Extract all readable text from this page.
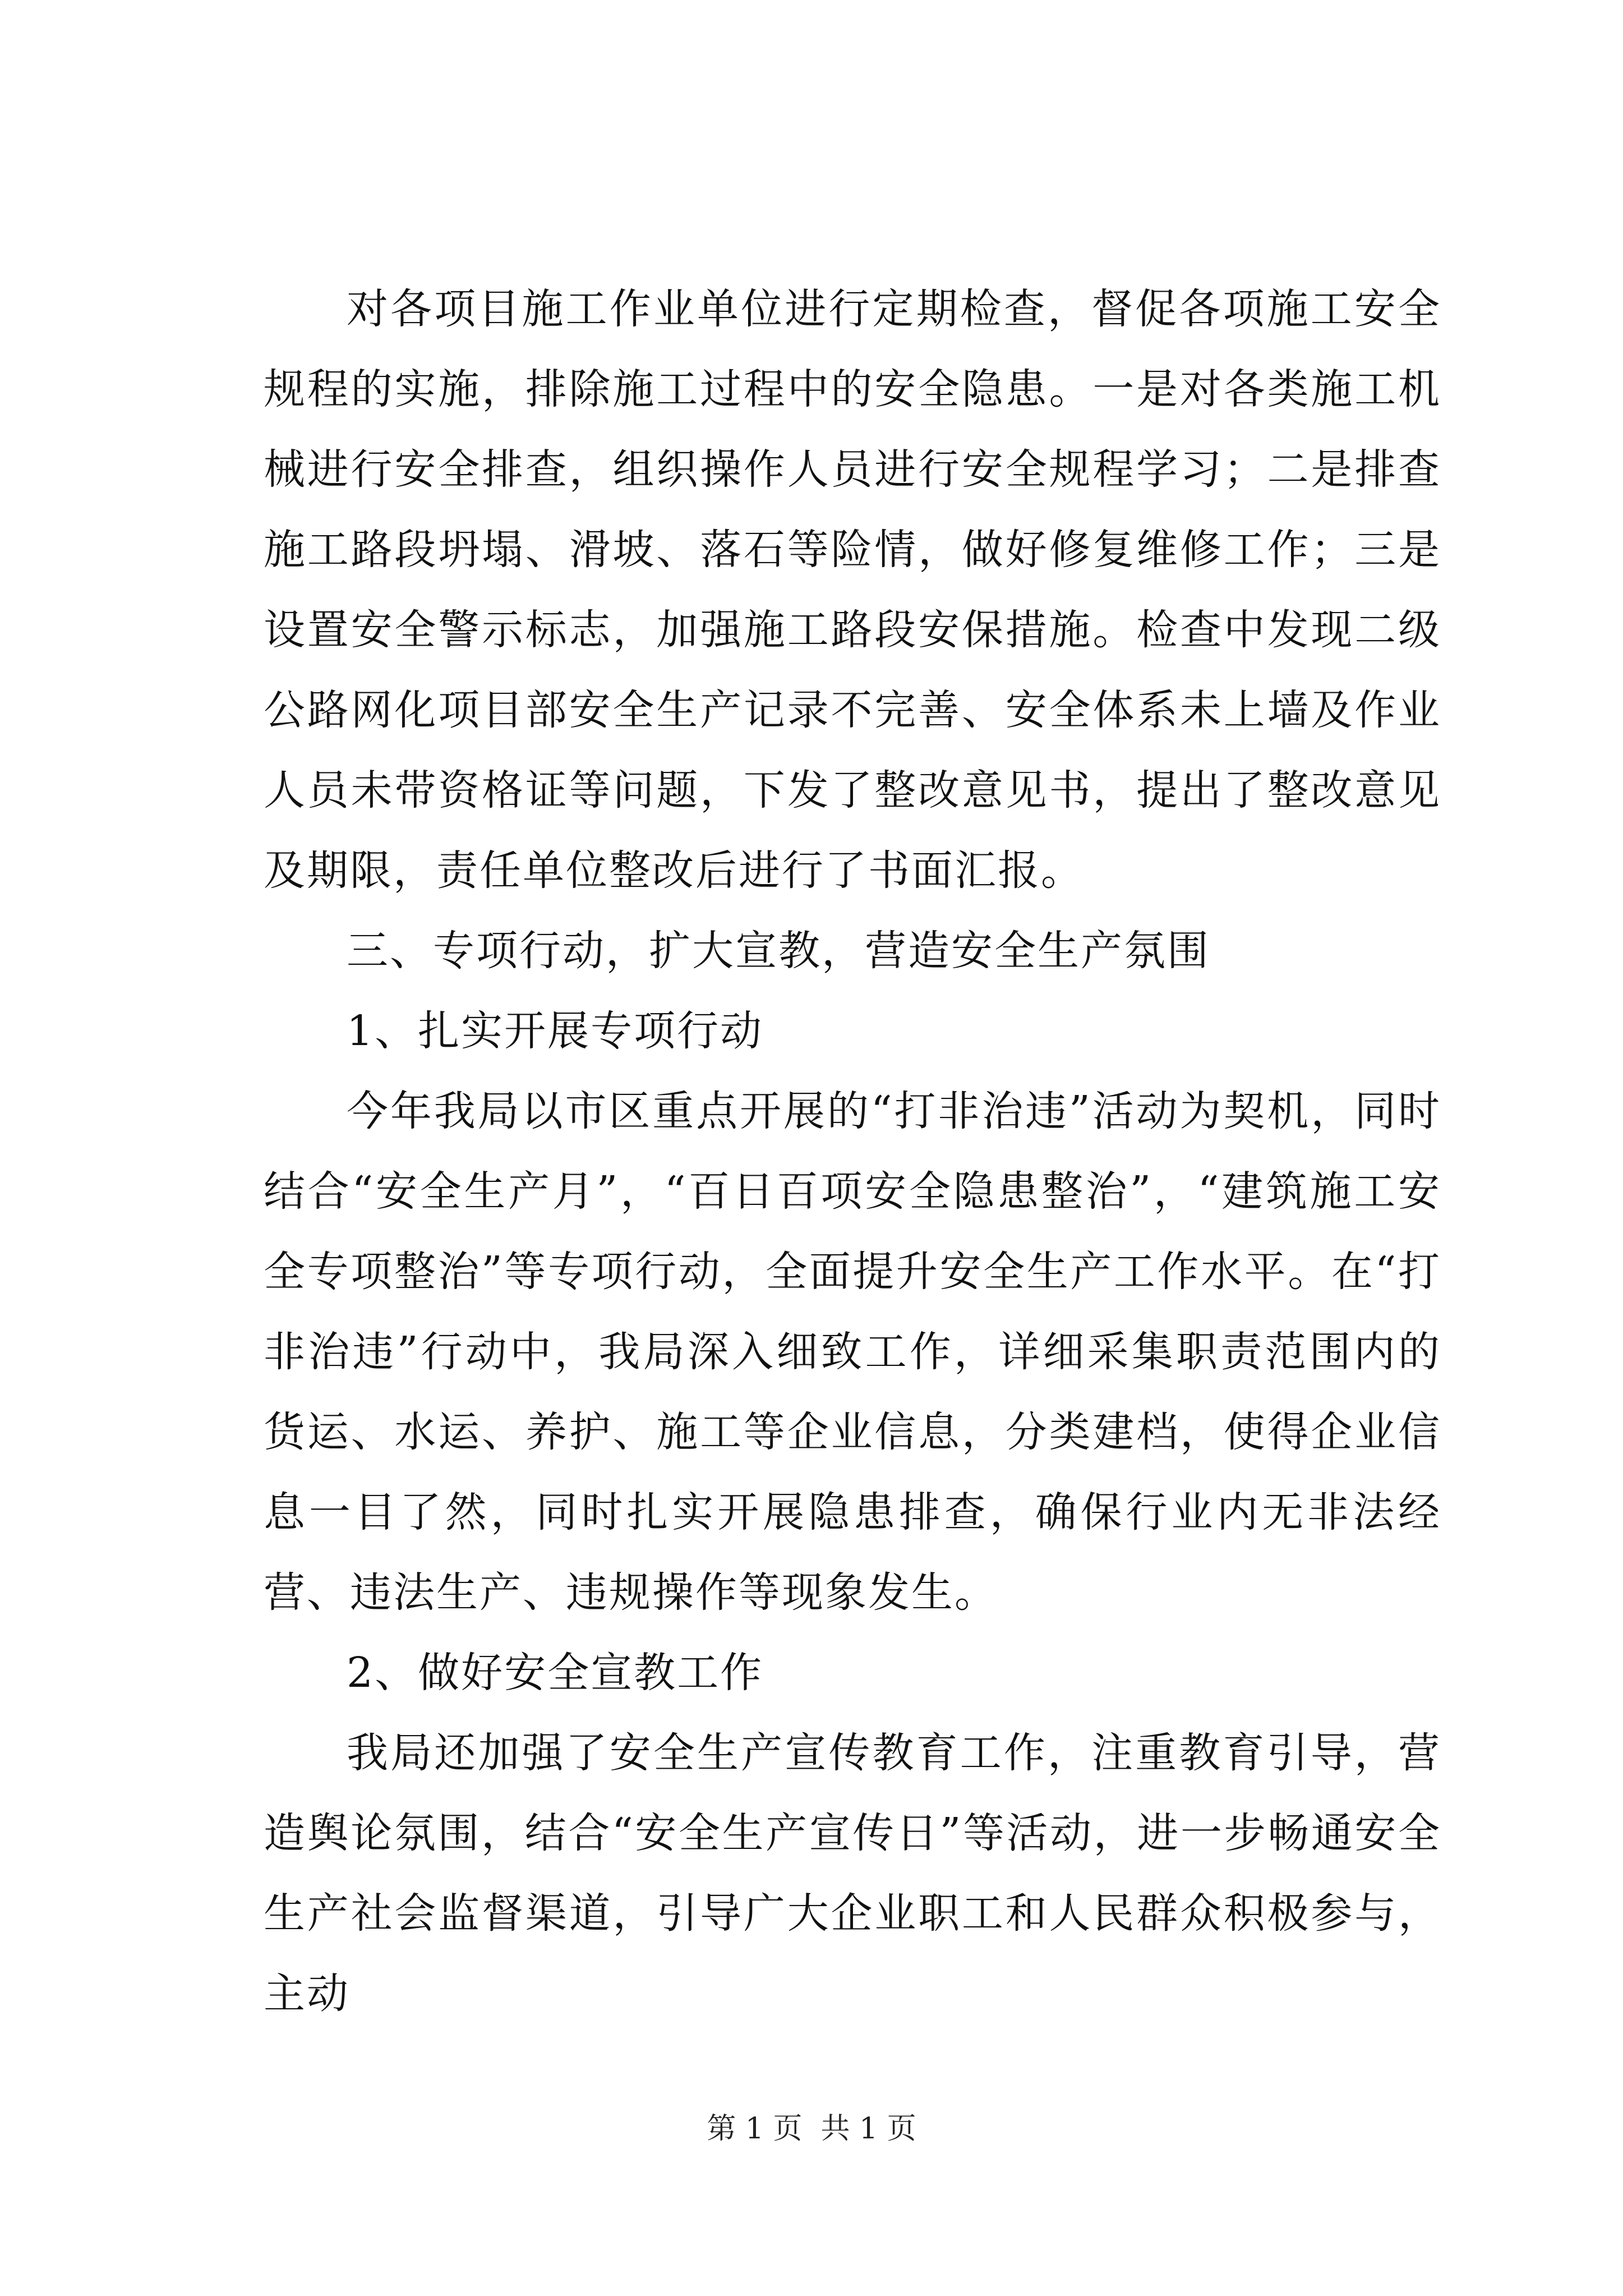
对各项目施工作业单位进行定期检查，督促各项施工安全规程的实施，排除施工过程中的安全隐患。一是对各类施工机械进行安全排查，组织操作人员进行安全规程学习；二是排查施工路段坍塌、滑坡、落石等险情，做好修复维修工作；三是设置安全警示标志，加强施工路段安保措施。检查中发现二级公路网化项目部安全生产记录不完善、安全体系未上墙及作业人员未带资格证等问题，下发了整改意见书，提出了整改意见及期限，责任单位整改后进行了书面汇报。

三、专项行动，扩大宣教，营造安全生产氛围

1、扎实开展专项行动

今年我局以市区重点开展的“打非治违”活动为契机，同时结合“安全生产月”，“百日百项安全隐患整治”，“建筑施工安全专项整治”等专项行动，全面提升安全生产工作水平。在“打非治违”行动中，我局深入细致工作，详细采集职责范围内的货运、水运、养护、施工等企业信息，分类建档，使得企业信息一目了然，同时扎实开展隐患排查，确保行业内无非法经营、违法生产、违规操作等现象发生。

2、做好安全宣教工作

我局还加强了安全生产宣传教育工作，注重教育引导，营造舆论氛围，结合“安全生产宣传日”等活动，进一步畅通安全生产社会监督渠道，引导广大企业职工和人民群众积极参与，主动

第 1 页  共 1 页
